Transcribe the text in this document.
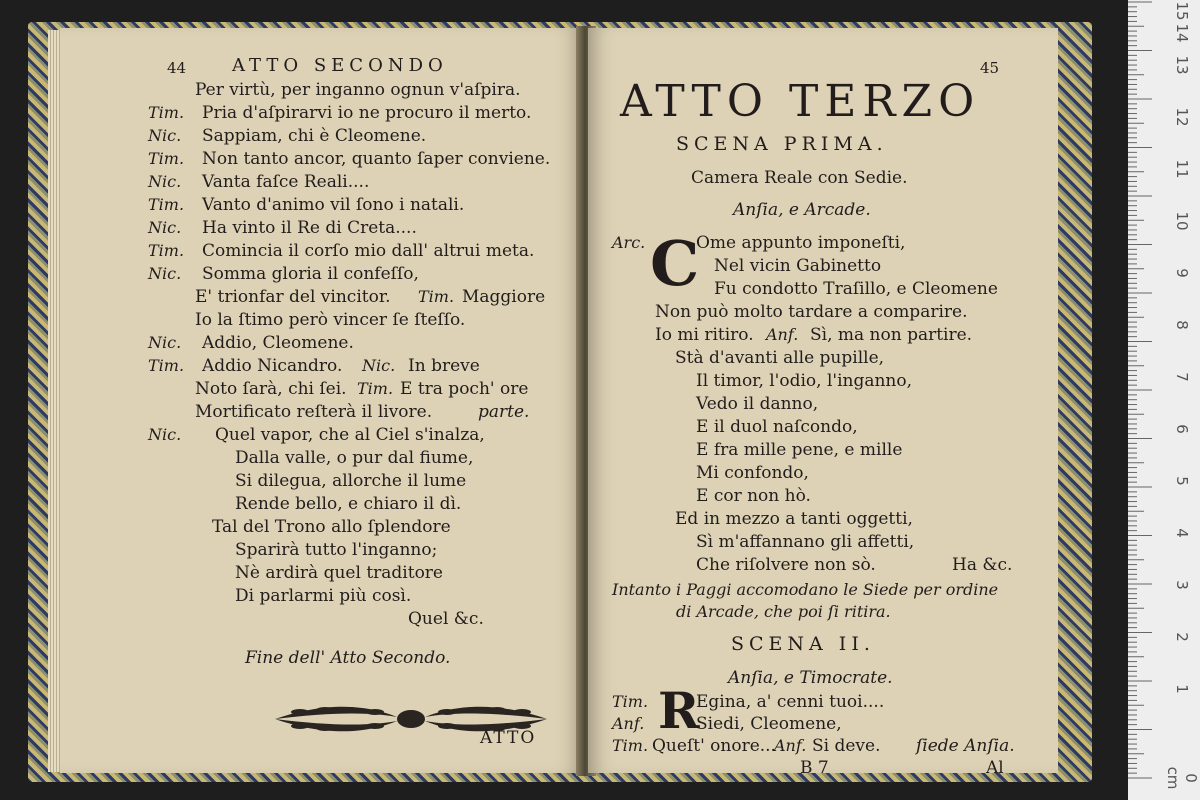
44	ATTO SECONDO
Per virtù, per inganno ognun v'aſpira.
Tim. Pria d'aſpirarvi io ne procuro il merto.
Nic. Sappiam, chi è Cleomene.
Tim. Non tanto ancor, quanto ſaper conviene.
Nic. Vanta faſce Reali....
Tim. Vanto d'animo vil ſono i natali.
Nic. Ha vinto il Re di Creta....
Tim. Comincia il corſo mio dall' altrui meta.
Nic. Somma gloria il confeſſo,
E' trionfar del vincitor. Tim. Maggiore
Io la ſtimo però vincer ſe ſteſſo.
Nic. Addio, Cleomene.
Tim. Addio Nicandro. Nic. In breve
Noto ſarà, chi ſei. Tim. E tra poch' ore
Mortificato reſterà il livore.	parte.
Nic. Quel vapor, che al Ciel s'inalza,
Dalla valle, o pur dal fiume,
Si dilegua, allorche il lume
Rende bello, e chiaro il dì.
Tal del Trono allo ſplendore
Sparirà tutto l'inganno;
Nè ardirà quel traditore
Di parlarmi più così.
Quel &c.
Fine dell' Atto Secondo.
ATTO
45
ATTO TERZO
SCENA PRIMA.
Camera Reale con Sedie.
Anſia, e Arcade.
Arc. C
Ome appunto imponeſti,
Nel vicin Gabinetto
Fu condotto Traſillo, e Cleomene
Non può molto tardare a comparire.
Io mi ritiro. Anf. Sì, ma non partire.
Stà d'avanti alle pupille,
Il timor, l'odio, l'inganno,
Vedo il danno,
E il duol naſcondo,
E fra mille pene, e mille
Mi confondo,
E cor non hò.
Ed in mezzo a tanti oggetti,
Sì m'affannano gli affetti,
Che riſolvere non sò.	Ha &c.
Intanto i Paggi accomodano le Siede per ordine
di Arcade, che poi ſi ritira.
SCENA II.
Anſia, e Timocrate.
Tim. R
Egina, a' cenni tuoi....
Anf.	Siedi, Cleomene,
Tim. Queſt' onore...
Anf. Si deve. ſiede Anſia.
B 7	Al	0 cm
1
2
3
4
5
6
7
8
9
10
11
12
13
14
15
